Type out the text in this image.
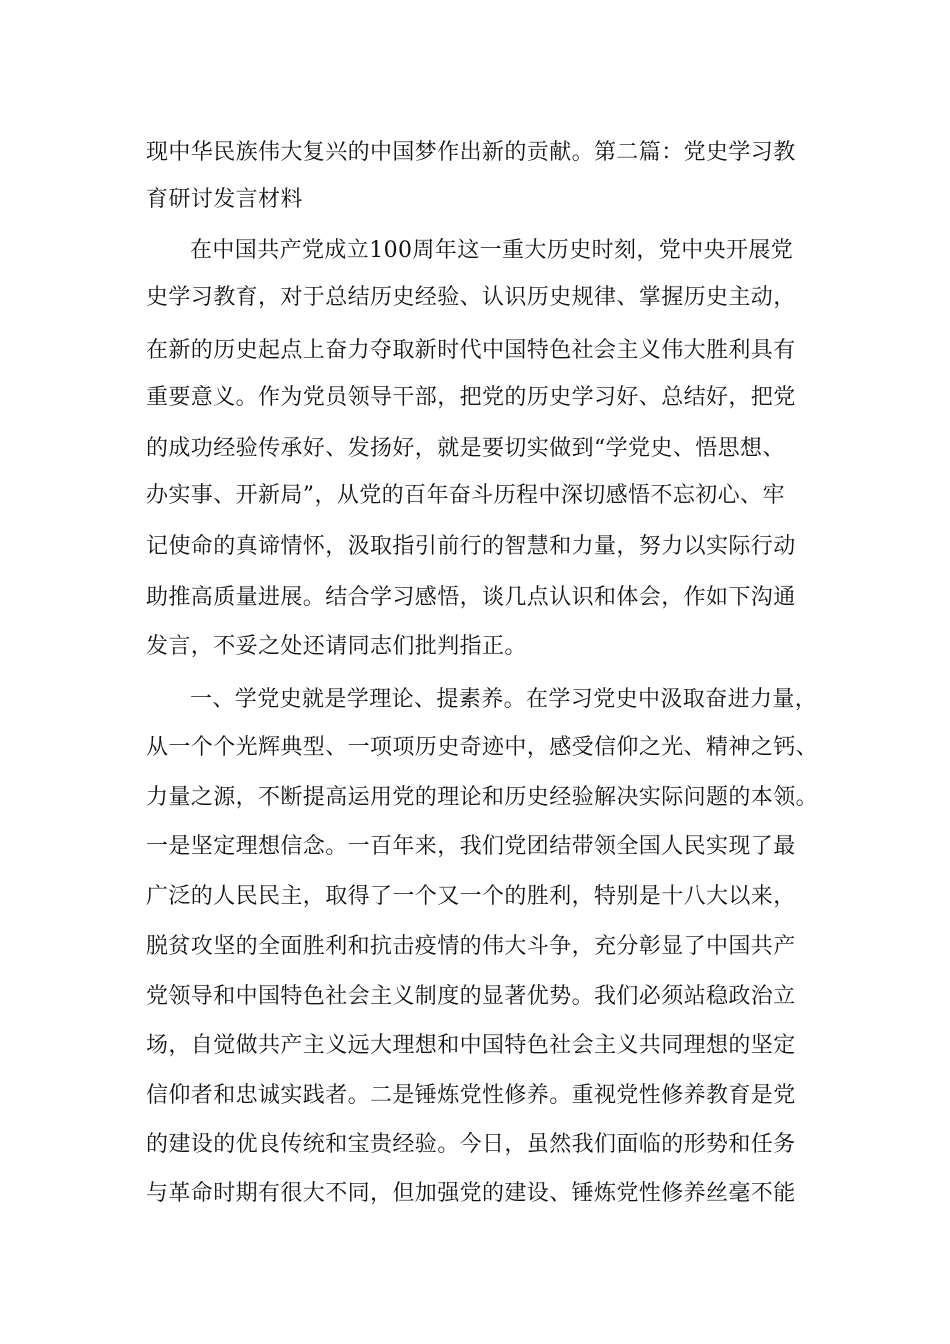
现中华民族伟大复兴的中国梦作出新的贡献。第二篇：党史学习教
育研讨发言材料
在中国共产党成立100周年这一重大历史时刻，党中央开展党
史学习教育，对于总结历史经验、认识历史规律、掌握历史主动，
在新的历史起点上奋力夺取新时代中国特色社会主义伟大胜利具有
重要意义。作为党员领导干部，把党的历史学习好、总结好，把党
的成功经验传承好、发扬好，就是要切实做到“学党史、悟思想、
办实事、开新局”，从党的百年奋斗历程中深切感悟不忘初心、牢
记使命的真谛情怀，汲取指引前行的智慧和力量，努力以实际行动
助推高质量进展。结合学习感悟，谈几点认识和体会，作如下沟通
发言，不妥之处还请同志们批判指正。
一、学党史就是学理论、提素养。在学习党史中汲取奋进力量，
从一个个光辉典型、一项项历史奇迹中，感受信仰之光、精神之钙、
力量之源，不断提高运用党的理论和历史经验解决实际问题的本领。
一是坚定理想信念。一百年来，我们党团结带领全国人民实现了最
广泛的人民民主，取得了一个又一个的胜利，特别是十八大以来，
脱贫攻坚的全面胜利和抗击疫情的伟大斗争，充分彰显了中国共产
党领导和中国特色社会主义制度的显著优势。我们必须站稳政治立
场，自觉做共产主义远大理想和中国特色社会主义共同理想的坚定
信仰者和忠诚实践者。二是锤炼党性修养。重视党性修养教育是党
的建设的优良传统和宝贵经验。今日，虽然我们面临的形势和任务
与革命时期有很大不同，但加强党的建设、锤炼党性修养丝毫不能
